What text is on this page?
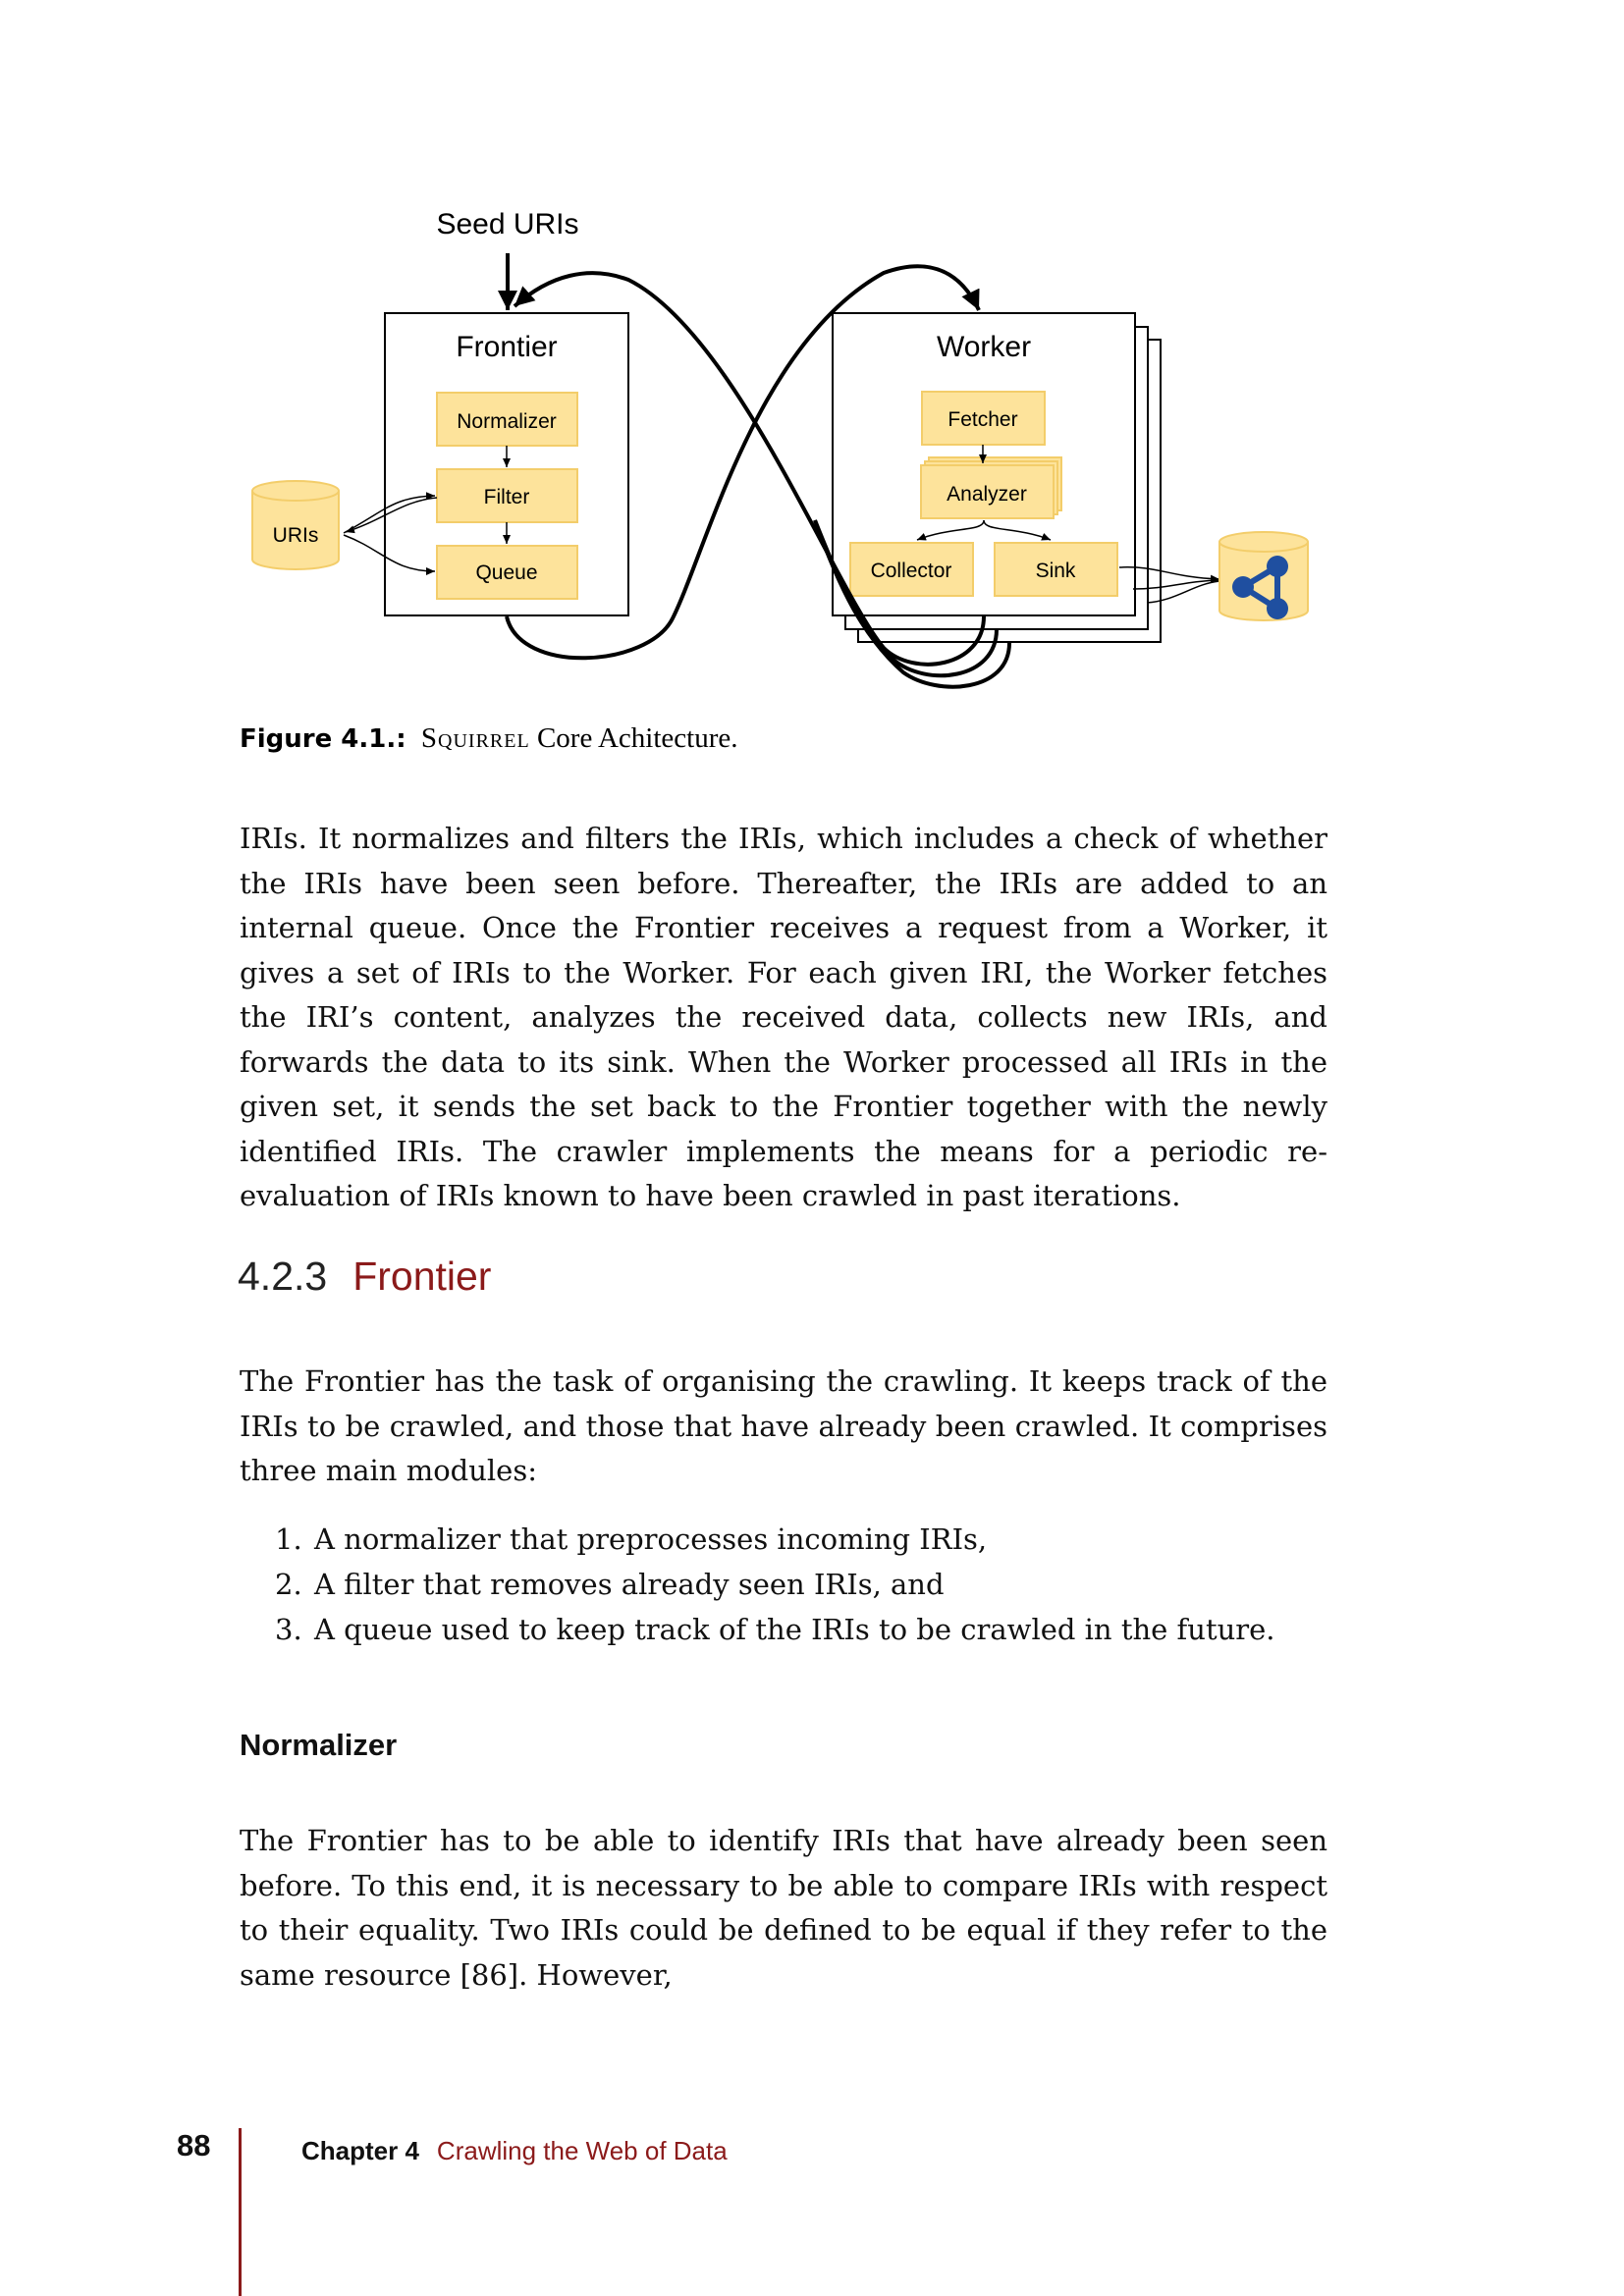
Seed URIs
Frontier
Normalizer
Filter
Queue
URIs
Worker
Fetcher
Analyzer
Collector	Sink
Figure 4.1.: Squirrel Core Achitecture.

IRIs. It normalizes and filters the IRIs, which includes a check of whether the IRIs have been seen before. Thereafter, the IRIs are added to an internal queue. Once the Frontier receives a request from a Worker, it gives a set of IRIs to the Worker. For each given IRI, the Worker fetches the IRI’s content, analyzes the received data, collects new IRIs, and forwards the data to its sink. When the Worker processed all IRIs in the given set, it sends the set back to the Frontier together with the newly identified IRIs. The crawler implements the means for a periodic re-evaluation of IRIs known to have been crawled in past iterations.

4.2.3 Frontier

The Frontier has the task of organising the crawling. It keeps track of the IRIs to be crawled, and those that have already been crawled. It comprises three main modules:

1. A normalizer that preprocesses incoming IRIs,
2. A filter that removes already seen IRIs, and
3. A queue used to keep track of the IRIs to be crawled in the future.
Normalizer

The Frontier has to be able to identify IRIs that have already been seen before. To this end, it is necessary to be able to compare IRIs with respect to their equality. Two IRIs could be defined to be equal if they refer to the same resource [86]. However,

88	Chapter 4 Crawling the Web of Data
